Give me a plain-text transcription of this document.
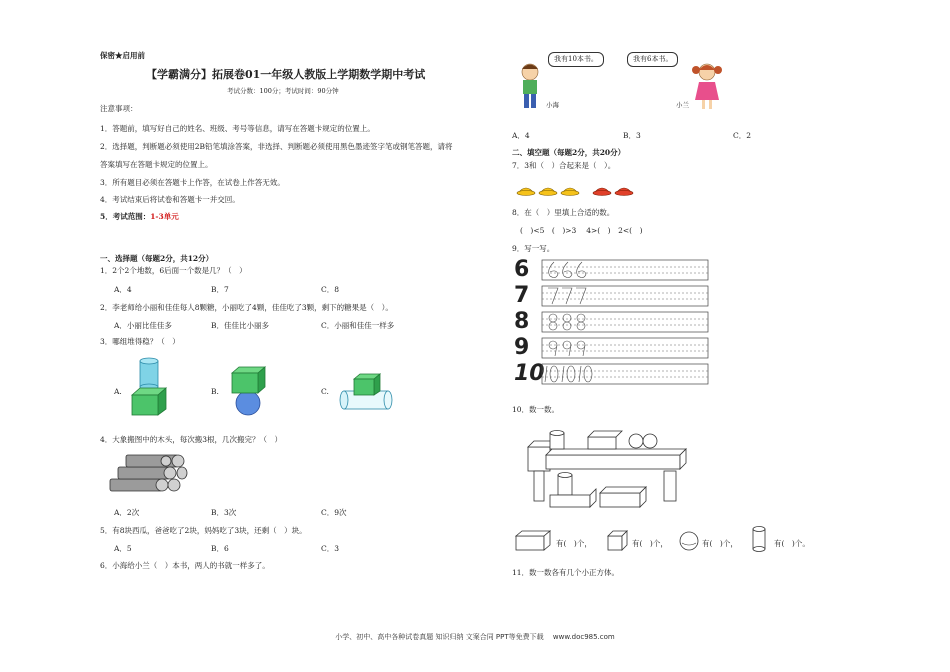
保密★启用前
【学霸满分】拓展卷01一年级人教版上学期数学期中考试
考试分数：100分；考试时间：90分钟
注意事项：
1．答题前，填写好自己的姓名、班级、考号等信息，请写在答题卡规定的位置上。
2．选择题，判断题必须使用2B铅笔填涂答案，非选择、判断题必须使用黑色墨迹签字笔或钢笔答题，请将
答案填写在答题卡规定的位置上。
3．所有题目必须在答题卡上作答，在试卷上作答无效。
4．考试结束后将试卷和答题卡一并交回。
5．考试范围：1-3单元
一、选择题（每题2分，共12分）
1．2个2个地数，6后面一个数是几？（　）
A．4	B．7	C．8
2．李老师给小丽和佳佳每人8颗糖，小丽吃了4颗，佳佳吃了3颗，剩下的糖果是（　）。
A．小丽比佳佳多	B．佳佳比小丽多	C．小丽和佳佳一样多
3．哪组堆得稳？（　）
A.	B.	C.
4．大象搬图中的木头，每次搬3根，几次搬完？（　）
A．2次	B．3次	C．9次
5．有8块西瓜，爸爸吃了2块，妈妈吃了3块，还剩（　）块。
A．5	B．6	C．3
6．小海给小兰（　）本书，两人的书就一样多了。
我有10本书。	我有6本书。
小海	小兰
A．4	B．3	C．2
二、填空题（每题2分，共20分）
7．3和（　）合起来是（　）。
8．在（　）里填上合适的数。
(　)<5　(　)>3　 4>(　)　2<(　)
9．写一写。
6
7
8
9
10
10．数一数。
有(　)个，	有(　)个，	有(　)个，	有(　)个。
11．数一数各有几个小正方体。
小学、初中、高中各种试卷真题 知识归纳 文案合同 PPT等免费下载　 www.doc985.com
